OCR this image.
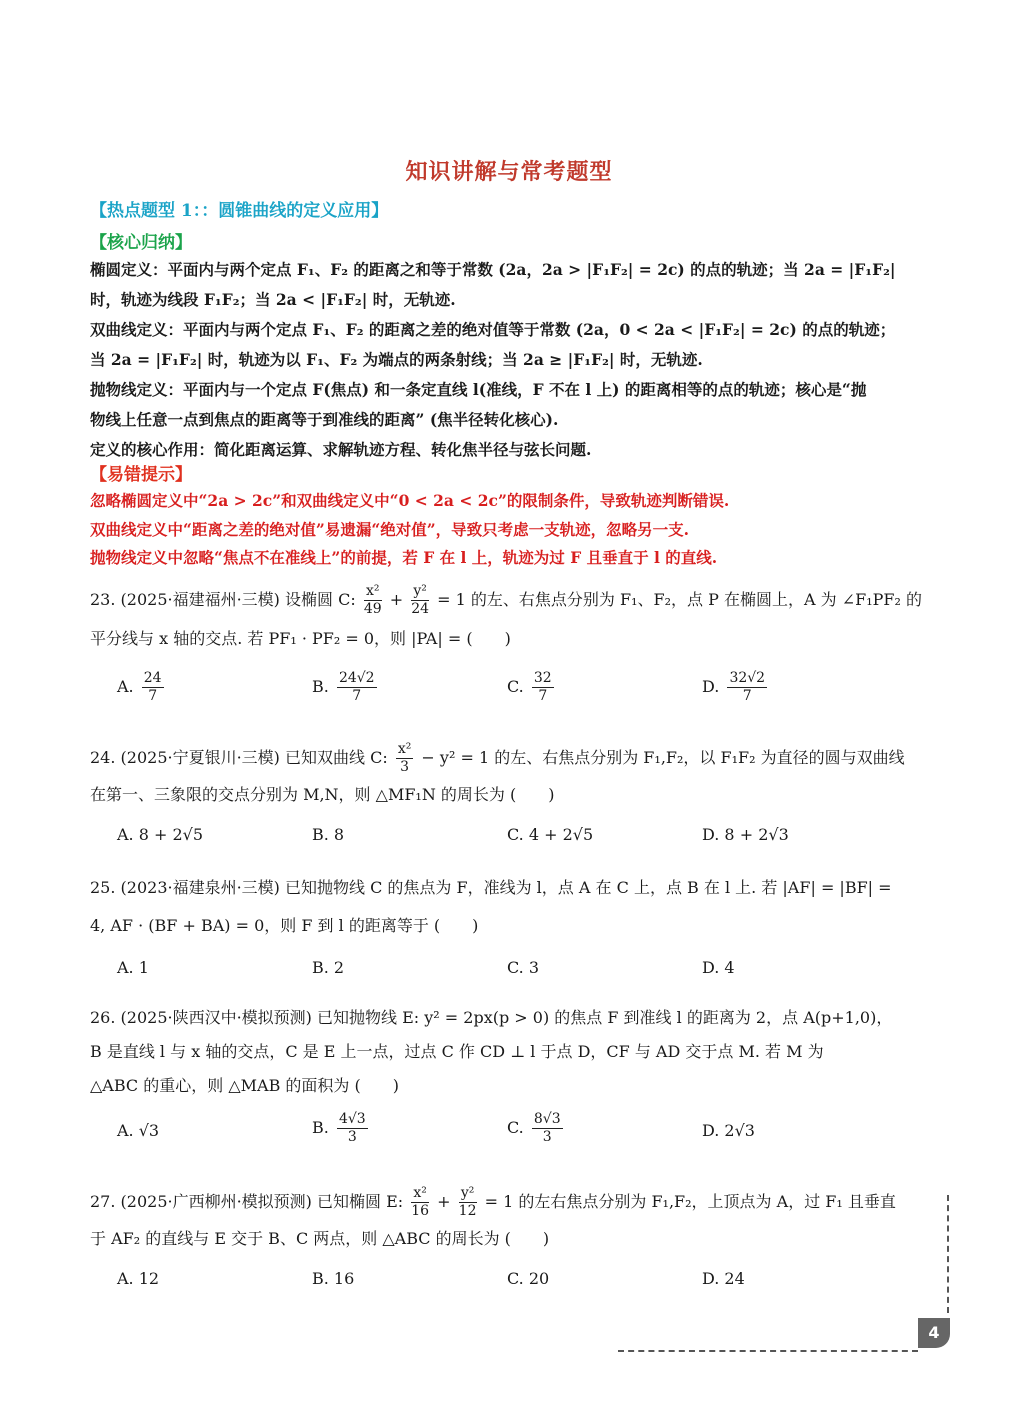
知识讲解与常考题型
【热点题型 1：：圆锥曲线的定义应用】
【核心归纳】

椭圆定义：平面内与两个定点 F₁、F₂ 的距离之和等于常数 (2a，2a > |F₁F₂| = 2c) 的点的轨迹；当 2a = |F₁F₂|

时，轨迹为线段 F₁F₂；当 2a < |F₁F₂| 时，无轨迹.

双曲线定义：平面内与两个定点 F₁、F₂ 的距离之差的绝对值等于常数 (2a，0 < 2a < |F₁F₂| = 2c) 的点的轨迹；

当 2a = |F₁F₂| 时，轨迹为以 F₁、F₂ 为端点的两条射线；当 2a ≥ |F₁F₂| 时，无轨迹.

抛物线定义：平面内与一个定点 F(焦点) 和一条定直线 l(准线，F 不在 l 上) 的距离相等的点的轨迹；核心是“抛

物线上任意一点到焦点的距离等于到准线的距离” (焦半径转化核心).

定义的核心作用：简化距离运算、求解轨迹方程、转化焦半径与弦长问题.

【易错提示】

忽略椭圆定义中“2a > 2c”和双曲线定义中“0 < 2a < 2c”的限制条件，导致轨迹判断错误.

双曲线定义中“距离之差的绝对值”易遗漏“绝对值”，导致只考虑一支轨迹，忽略另一支.

抛物线定义中忽略“焦点不在准线上”的前提，若 F 在 l 上，轨迹为过 F 且垂直于 l 的直线.

23. (2025·福建福州·三模) 设椭圆 C: $\frac{\text{x²}}{49} + \frac{\text{y²}}{24} = 1$ 的左、右焦点分别为 F₁、F₂，点 P 在椭圆上，A 为 ∠F₁PF₂ 的

平分线与 x 轴的交点. 若 PF₁ · PF₂ = 0，则 |PA| = (　　)

A. $\frac{24}{7}$	B. $\frac{24√2}{7}$	C. $\frac{32}{7}$	D. $\frac{32√2}{7}$

24. (2025·宁夏银川·三模) 已知双曲线 C: $\frac{\text{x²}}{3} - y^2 = 1$ 的左、右焦点分别为 F₁,F₂，以 F₁F₂ 为直径的圆与双曲线

在第一、三象限的交点分别为 M,N，则 △MF₁N 的周长为 (　　)

A. 8 + 2√5	B. 8	C. 4 + 2√5	D. 8 + 2√3

25. (2023·福建泉州·三模) 已知抛物线 C 的焦点为 F，准线为 l，点 A 在 C 上，点 B 在 l 上. 若 |AF| = |BF| =

4, AF · (BF + BA) = 0，则 F 到 l 的距离等于 (　　)

A. 1	B. 2	C. 3	D. 4

26. (2025·陕西汉中·模拟预测) 已知抛物线 E: y² = 2px(p > 0) 的焦点 F 到准线 l 的距离为 2，点 A(p+1,0)，

B 是直线 l 与 x 轴的交点，C 是 E 上一点，过点 C 作 CD ⊥ l 于点 D，CF 与 AD 交于点 M. 若 M 为

△ABC 的重心，则 △MAB 的面积为 (　　)

A. √3	B. $\frac{4√3}{3}$	C. $\frac{8√3}{3}$	D. 2√3

27. (2025·广西柳州·模拟预测) 已知椭圆 E: $\frac{\text{x²}}{16} + \frac{\text{y²}}{12} = 1$ 的左右焦点分别为 F₁,F₂，上顶点为 A，过 F₁ 且垂直

于 AF₂ 的直线与 E 交于 B、C 两点，则 △ABC 的周长为 (　　)

A. 12	B. 16	C. 20	D. 24
4
